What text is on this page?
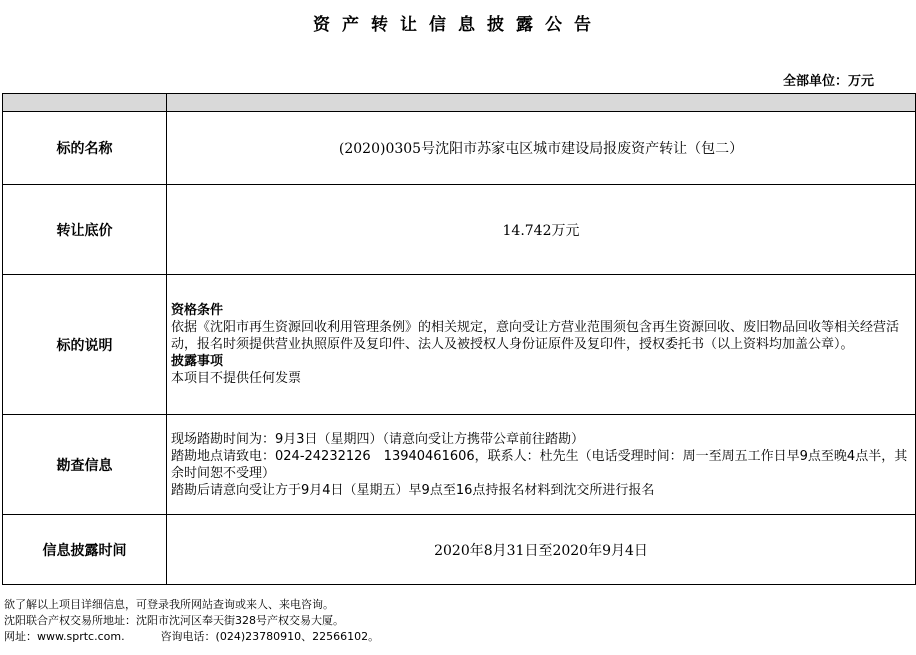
资产转让信息披露公告
全部单位：万元

标的名称	(2020)0305号沈阳市苏家屯区城市建设局报废资产转让（包二）
转让底价	14.742万元
标的说明	资格条件
依据《沈阳市再生资源回收利用管理条例》的相关规定，意向受让方营业范围须包含再生资源回收、废旧物品回收等相关经营活动，报名时须提供营业执照原件及复印件、法人及被授权人身份证原件及复印件，授权委托书（以上资料均加盖公章）。
披露事项
本项目不提供任何发票

勘查信息	现场踏勘时间为：9月3日（星期四）（请意向受让方携带公章前往踏勘）
踏勘地点请致电：024-24232126　13940461606，联系人：杜先生（电话受理时间：周一至周五工作日早9点至晚4点半，其余时间恕不受理）
踏勘后请意向受让方于9月4日（星期五）早9点至16点持报名材料到沈交所进行报名

信息披露时间	2020年8月31日至2020年9月4日
欲了解以上项目详细信息，可登录我所网站查询或来人、来电咨询。
沈阳联合产权交易所地址：沈阳市沈河区奉天街328号产权交易大厦。
网址：www.sprtc.com.	咨询电话：(024)23780910、22566102。
